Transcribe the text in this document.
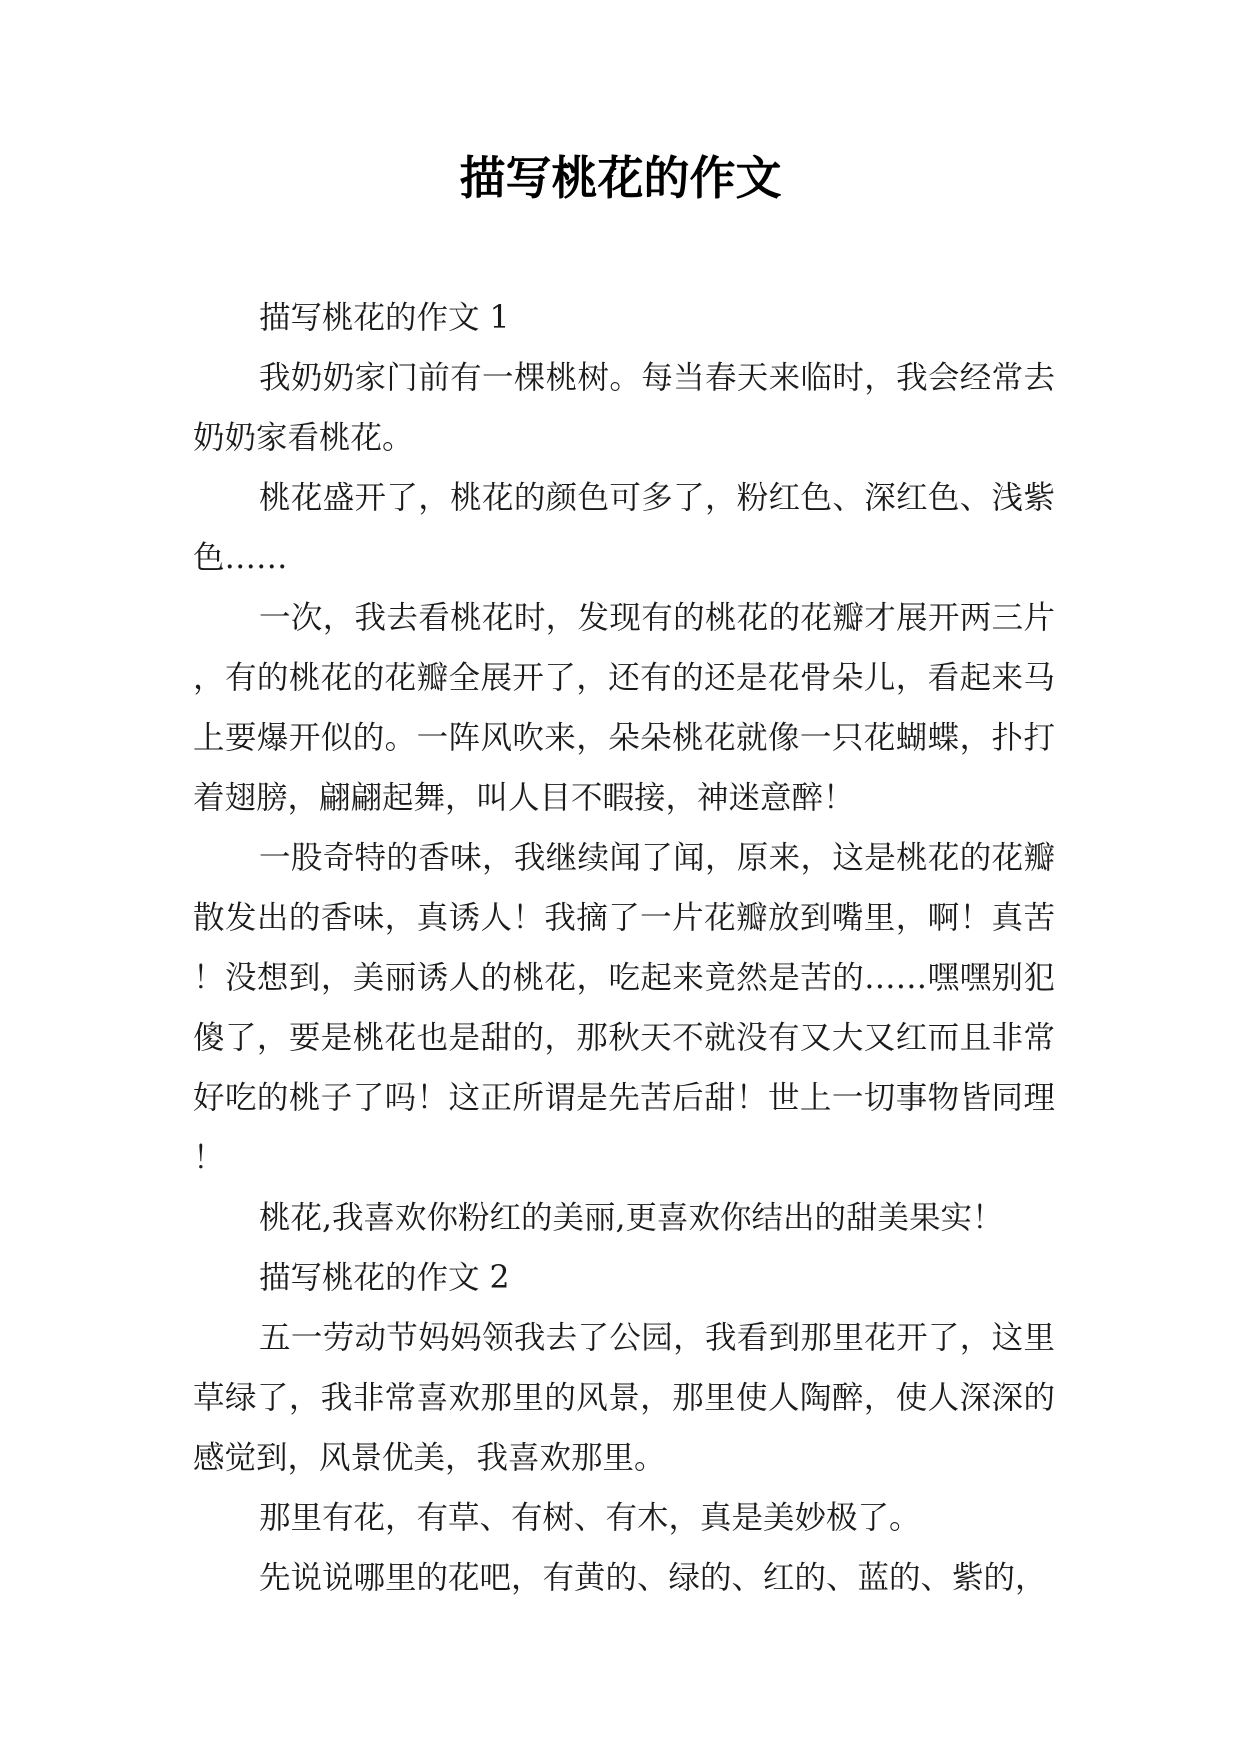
描写桃花的作文

描写桃花的作文 1

我奶奶家门前有一棵桃树。每当春天来临时，我会经常去奶奶家看桃花。

桃花盛开了，桃花的颜色可多了，粉红色、深红色、浅紫色……

一次，我去看桃花时，发现有的桃花的花瓣才展开两三片，有的桃花的花瓣全展开了，还有的还是花骨朵儿，看起来马上要爆开似的。一阵风吹来，朵朵桃花就像一只花蝴蝶，扑打着翅膀，翩翩起舞，叫人目不暇接，神迷意醉！

一股奇特的香味，我继续闻了闻，原来，这是桃花的花瓣散发出的香味，真诱人！我摘了一片花瓣放到嘴里，啊！真苦！没想到，美丽诱人的桃花，吃起来竟然是苦的……嘿嘿别犯傻了，要是桃花也是甜的，那秋天不就没有又大又红而且非常好吃的桃子了吗！这正所谓是先苦后甜！世上一切事物皆同理！

桃花,我喜欢你粉红的美丽,更喜欢你结出的甜美果实！

描写桃花的作文 2

五一劳动节妈妈领我去了公园，我看到那里花开了，这里草绿了，我非常喜欢那里的风景，那里使人陶醉，使人深深的感觉到，风景优美，我喜欢那里。

那里有花，有草、有树、有木，真是美妙极了。

先说说哪里的花吧，有黄的、绿的、红的、蓝的、紫的，
